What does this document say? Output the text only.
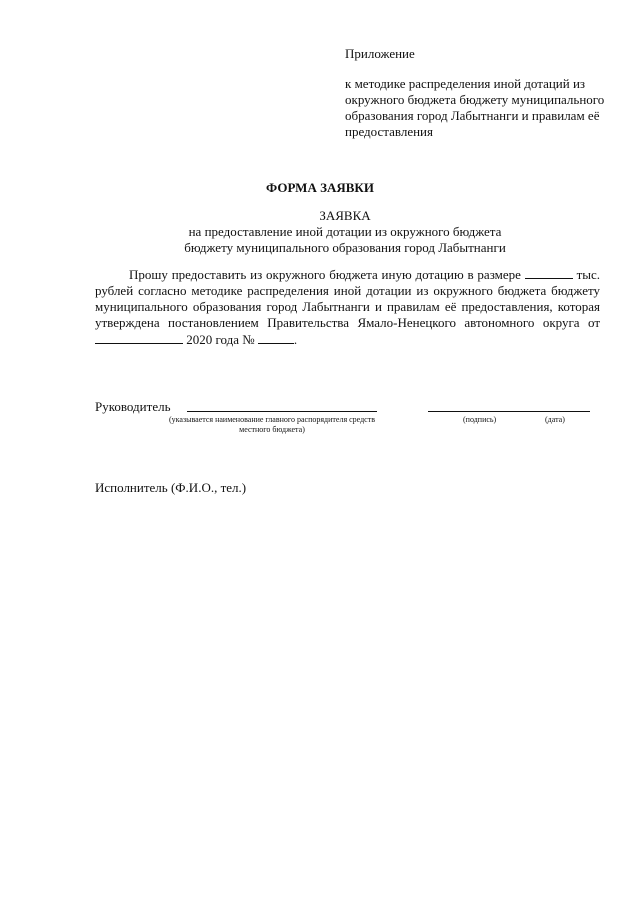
Приложение

к методике распределения иной дотаций из окружного бюджета бюджету муниципального образования город Лабытнанги и правилам её предоставления

ФОРМА ЗАЯВКИ
ЗАЯВКА
на предоставление иной дотации из окружного бюджета
бюджету муниципального образования город Лабытнанги
Прошу предоставить из окружного бюджета иную дотацию в размере	тыс. рублей согласно методике распределения иной дотации из окружного бюджета бюджету муниципального образования город Лабытнанги и правилам её предоставления, которая утверждена постановлением Правительства Ямало-Ненецкого автономного округа от  2020 года №	.
Руководитель
(указывается наименование главного распорядителя средств местного бюджета)
(подпись)	(дата)
Исполнитель (Ф.И.О., тел.)
